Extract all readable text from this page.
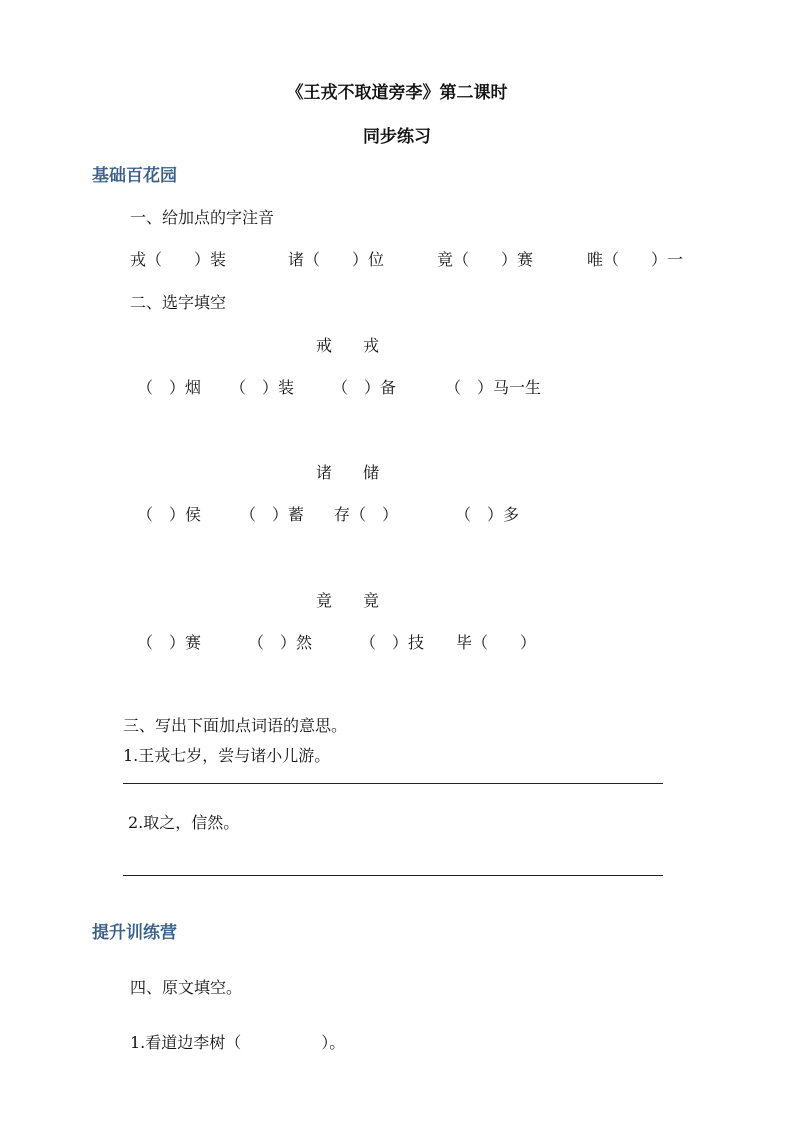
《王戎不取道旁李》第二课时
同步练习
基础百花园
一、给加点的字注音
戎（　　）装	诸（　　）位	竟（　　）赛	唯（　　）一
二、选字填空
戒 戎
（　）烟 （　）装 （　）备	（　）马一生
诸 储
（　）侯 （　）蓄 存（　）	（　）多
竟 竟
（　）赛	（　）然	（　）技 毕（　　）
三、写出下面加点词语的意思。
1.王戎七岁，尝与诸小儿游。
2.取之，信然。
提升训练营
四、原文填空。
1.看道边李树（　　　　　）。
